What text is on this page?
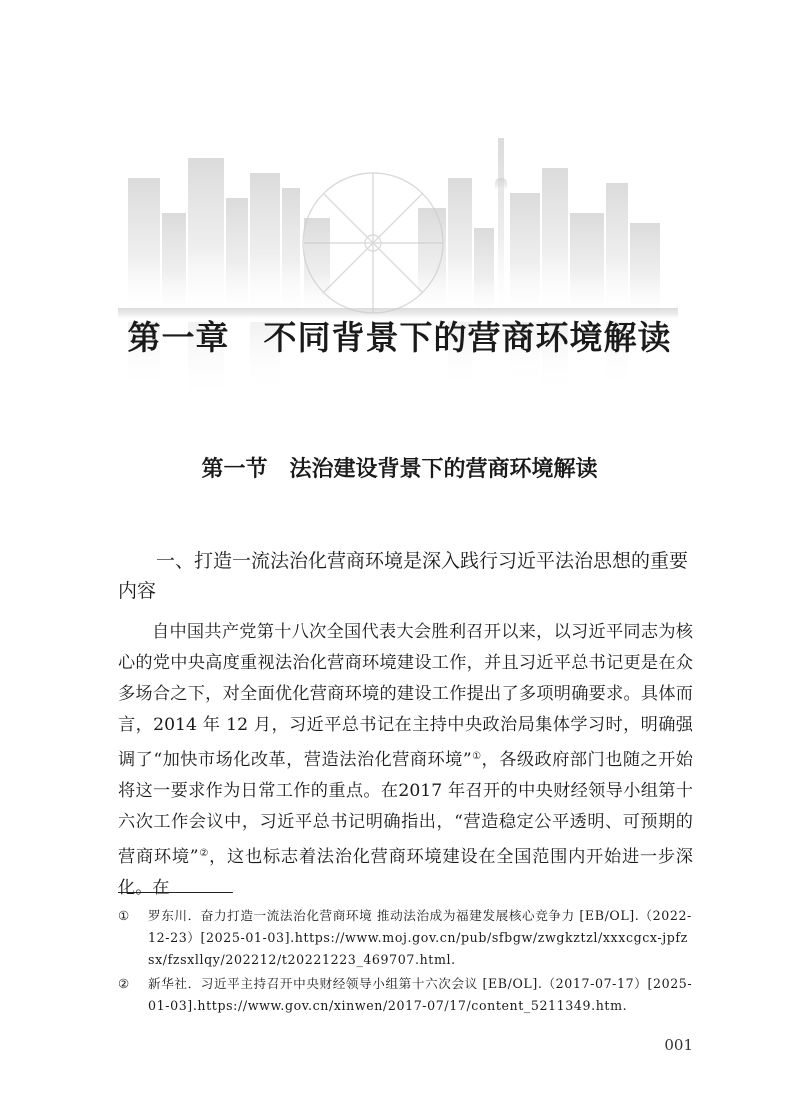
第一章 不同背景下的营商环境解读
第一节 法治建设背景下的营商环境解读
一、打造一流法治化营商环境是深入践行习近平法治思想的重要内容

自中国共产党第十八次全国代表大会胜利召开以来，以习近平同志为核心的党中央高度重视法治化营商环境建设工作，并且习近平总书记更是在众多场合之下，对全面优化营商环境的建设工作提出了多项明确要求。具体而言，2014 年 12 月，习近平总书记在主持中央政治局集体学习时，明确强调了“加快市场化改革，营造法治化营商环境”①，各级政府部门也随之开始将这一要求作为日常工作的重点。在2017 年召开的中央财经领导小组第十六次工作会议中，习近平总书记明确指出，“营造稳定公平透明、可预期的营商环境”②，这也标志着法治化营商环境建设在全国范围内开始进一步深化。在

①	罗东川．奋力打造一流法治化营商环境 推动法治成为福建发展核心竞争力 [EB/OL].（2022-12-23）[2025-01-03].https://www.moj.gov.cn/pub/sfbgw/zwgkztzl/xxxcgcx-jpfzsx/fzsxllqy/202212/t20221223_469707.html.
②	新华社．习近平主持召开中央财经领导小组第十六次会议 [EB/OL].（2017-07-17）[2025-01-03].https://www.gov.cn/xinwen/2017-07/17/content_5211349.htm.
001
